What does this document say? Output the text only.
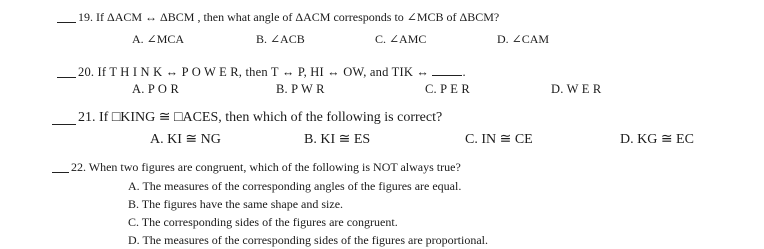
19. If ΔACM ↔ ΔBCM , then what angle of ΔACM corresponds to ∠MCB of ΔBCM?
A. ∠MCA	B. ∠ACB	C. ∠AMC	D. ∠CAM
20. If T H I N K ↔ P O W E R, then T ↔ P, HI ↔ OW, and TIK ↔	.
A. P O R	B. P W R	C. P E R	D. W E R
21. If □KING ≅ □ACES, then which of the following is correct?
A. KI ≅ NG	B. KI ≅ ES	C. IN ≅ CE	D. KG ≅ EC
22. When two figures are congruent, which of the following is NOT always true?
A. The measures of the corresponding angles of the figures are equal.
B. The figures have the same shape and size.
C. The corresponding sides of the figures are congruent.
D. The measures of the corresponding sides of the figures are proportional.
